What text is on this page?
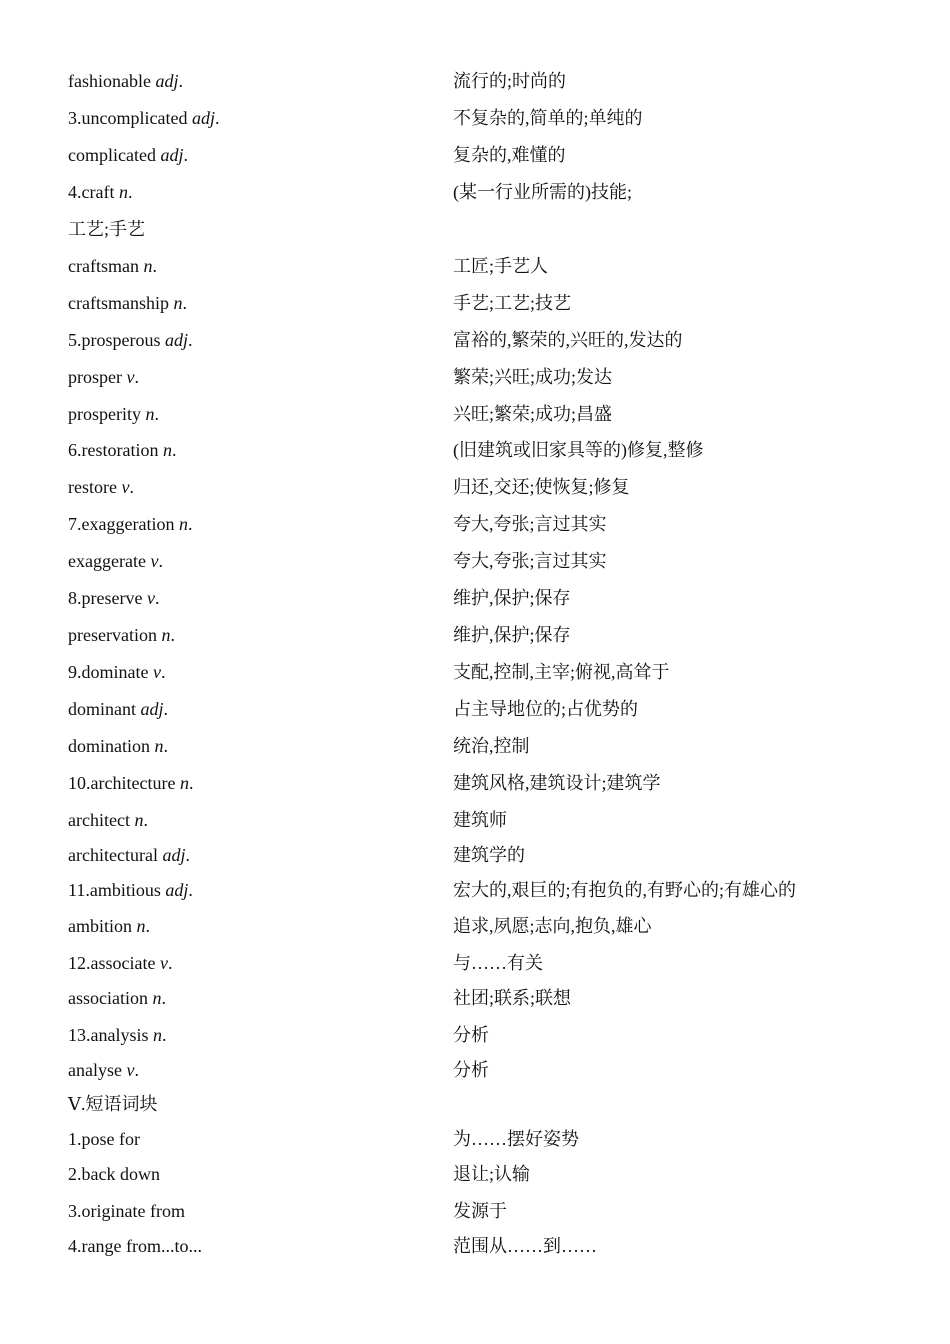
fashionable adj.	流行的;时尚的
3.uncomplicated adj.	不复杂的,简单的;单纯的
complicated adj.	复杂的,难懂的
4.craft n.	(某一行业所需的)技能;
工艺;手艺
craftsman n.	工匠;手艺人
craftsmanship n.	手艺;工艺;技艺
5.prosperous adj.	富裕的,繁荣的,兴旺的,发达的
prosper v.	繁荣;兴旺;成功;发达
prosperity n.	兴旺;繁荣;成功;昌盛
6.restoration n.	(旧建筑或旧家具等的)修复,整修
restore v.	归还,交还;使恢复;修复
7.exaggeration n.	夸大,夸张;言过其实
exaggerate v.	夸大,夸张;言过其实
8.preserve v.	维护,保护;保存
preservation n.	维护,保护;保存
9.dominate v.	支配,控制,主宰;俯视,高耸于
dominant adj.	占主导地位的;占优势的
domination n.	统治,控制
10.architecture n.	建筑风格,建筑设计;建筑学
architect n.	建筑师
architectural adj.	建筑学的
11.ambitious adj.	宏大的,艰巨的;有抱负的,有野心的;有雄心的
ambition n.	追求,夙愿;志向,抱负,雄心
12.associate v.	与……有关
association n.	社团;联系;联想
13.analysis n.	分析
analyse v.	分析
Ⅴ.短语词块
1.pose for	为……摆好姿势
2.back down	退让;认输
3.originate from	发源于
4.range from...to...	范围从……到……
